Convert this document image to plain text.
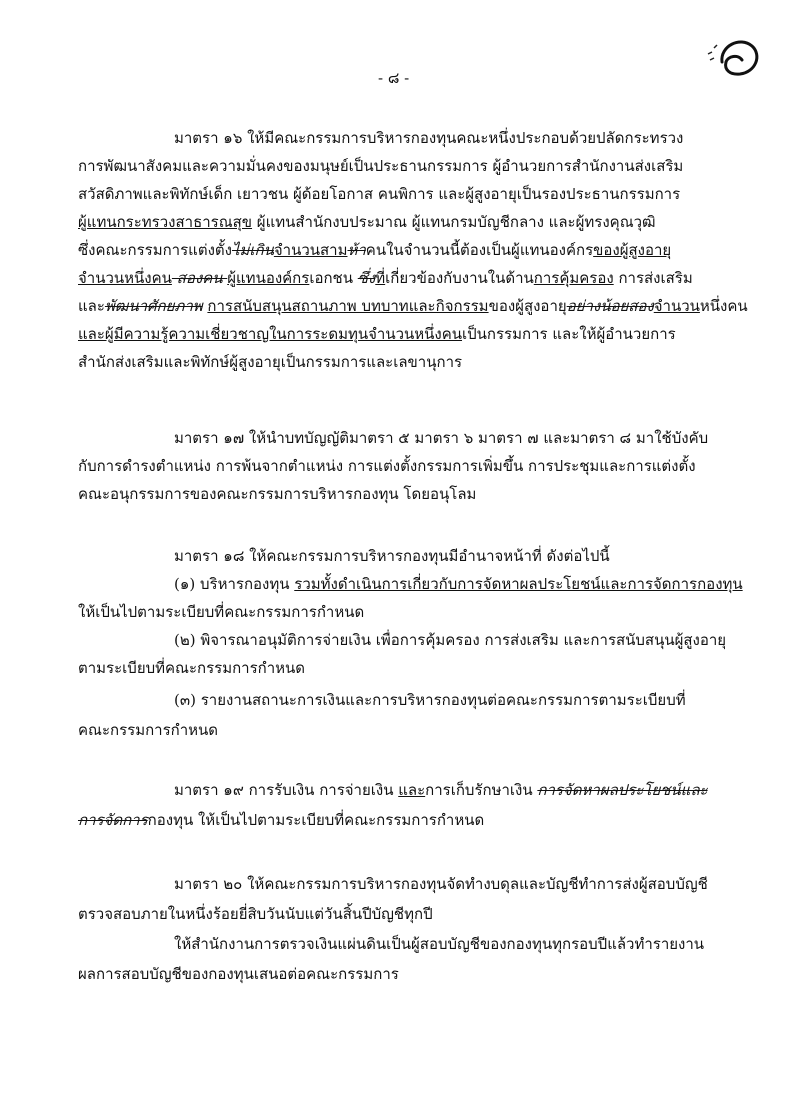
- ๘ -
มาตรา ๑๖ ให้มีคณะกรรมการบริหารกองทุนคณะหนึ่งประกอบด้วยปลัดกระทรวง
การพัฒนาสังคมและความมั่นคงของมนุษย์เป็นประธานกรรมการ ผู้อำนวยการสำนักงานส่งเสริม
สวัสดิภาพและพิทักษ์เด็ก เยาวชน ผู้ด้อยโอกาส คนพิการ และผู้สูงอายุเป็นรองประธานกรรมการ
ผู้แทนกระทรวงสาธารณสุข ผู้แทนสำนักงบประมาณ ผู้แทนกรมบัญชีกลาง และผู้ทรงคุณวุฒิ
ซึ่งคณะกรรมการแต่งตั้งไม่เกินจำนวนสามห้าคนในจำนวนนี้ต้องเป็นผู้แทนองค์กรของผู้สูงอายุ
จำนวนหนึ่งคน สองคน ผู้แทนองค์กรเอกชน ซึ่งที่เกี่ยวข้องกับงานในด้านการคุ้มครอง การส่งเสริม
และพัฒนาศักยภาพ การสนับสนุนสถานภาพ บทบาทและกิจกรรมของผู้สูงอายุอย่างน้อยสองจำนวนหนึ่งคน
และผู้มีความรู้ความเชี่ยวชาญในการระดมทุนจำนวนหนึ่งคนเป็นกรรมการ และให้ผู้อำนวยการ
สำนักส่งเสริมและพิทักษ์ผู้สูงอายุเป็นกรรมการและเลขานุการ
มาตรา ๑๗ ให้นำบทบัญญัติมาตรา ๕ มาตรา ๖ มาตรา ๗ และมาตรา ๘ มาใช้บังคับ
กับการดำรงตำแหน่ง การพ้นจากตำแหน่ง การแต่งตั้งกรรมการเพิ่มขึ้น การประชุมและการแต่งตั้ง
คณะอนุกรรมการของคณะกรรมการบริหารกองทุน โดยอนุโลม
มาตรา ๑๘ ให้คณะกรรมการบริหารกองทุนมีอำนาจหน้าที่ ดังต่อไปนี้
(๑) บริหารกองทุน รวมทั้งดำเนินการเกี่ยวกับการจัดหาผลประโยชน์และการจัดการกองทุน
ให้เป็นไปตามระเบียบที่คณะกรรมการกำหนด
(๒) พิจารณาอนุมัติการจ่ายเงิน เพื่อการคุ้มครอง การส่งเสริม และการสนับสนุนผู้สูงอายุ
ตามระเบียบที่คณะกรรมการกำหนด
(๓) รายงานสถานะการเงินและการบริหารกองทุนต่อคณะกรรมการตามระเบียบที่
คณะกรรมการกำหนด
มาตรา ๑๙ การรับเงิน การจ่ายเงิน และการเก็บรักษาเงิน การจัดหาผลประโยชน์และ
การจัดการกองทุน ให้เป็นไปตามระเบียบที่คณะกรรมการกำหนด
มาตรา ๒๐ ให้คณะกรรมการบริหารกองทุนจัดทำงบดุลและบัญชีทำการส่งผู้สอบบัญชี
ตรวจสอบภายในหนึ่งร้อยยี่สิบวันนับแต่วันสิ้นปีบัญชีทุกปี
ให้สำนักงานการตรวจเงินแผ่นดินเป็นผู้สอบบัญชีของกองทุนทุกรอบปีแล้วทำรายงาน
ผลการสอบบัญชีของกองทุนเสนอต่อคณะกรรมการ
